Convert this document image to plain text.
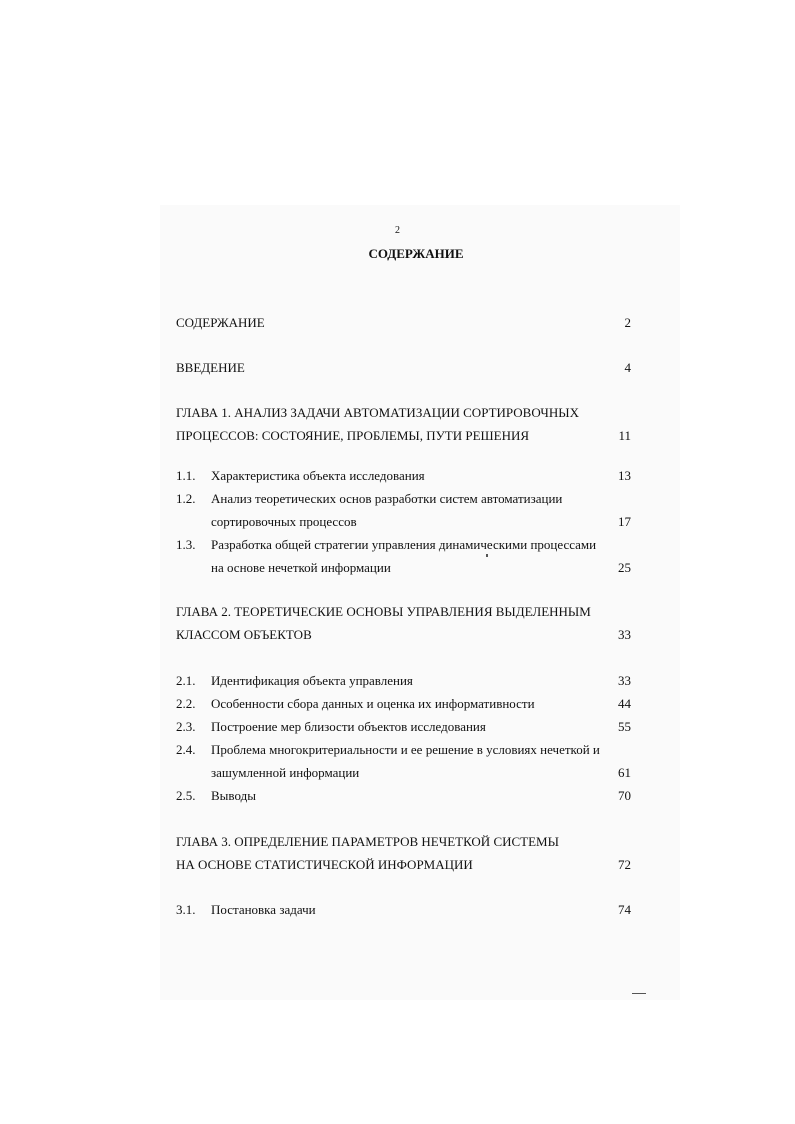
2
СОДЕРЖАНИЕ
СОДЕРЖАНИЕ	2
ВВЕДЕНИЕ	4
ГЛАВА 1. АНАЛИЗ ЗАДАЧИ АВТОМАТИЗАЦИИ СОРТИРОВОЧНЫХ
ПРОЦЕССОВ: СОСТОЯНИЕ, ПРОБЛЕМЫ, ПУТИ РЕШЕНИЯ	11
1.1. Характеристика объекта исследования	13
1.2. Анализ теоретических основ разработки систем автоматизации
сортировочных процессов	17
1.3. Разработка общей стратегии управления динамическими процессами
на основе нечеткой информации	25
ГЛАВА 2. ТЕОРЕТИЧЕСКИЕ ОСНОВЫ УПРАВЛЕНИЯ ВЫДЕЛЕННЫМ
КЛАССОМ ОБЪЕКТОВ	33
2.1. Идентификация объекта управления	33
2.2. Особенности сбора данных и оценка их информативности	44
2.3. Построение мер близости объектов исследования	55
2.4. Проблема многокритериальности и ее решение в условиях нечеткой и
зашумленной информации	61
2.5. Выводы	70
ГЛАВА 3. ОПРЕДЕЛЕНИЕ ПАРАМЕТРОВ НЕЧЕТКОЙ СИСТЕМЫ
НА ОСНОВЕ СТАТИСТИЧЕСКОЙ ИНФОРМАЦИИ	72
3.1. Постановка задачи	74
